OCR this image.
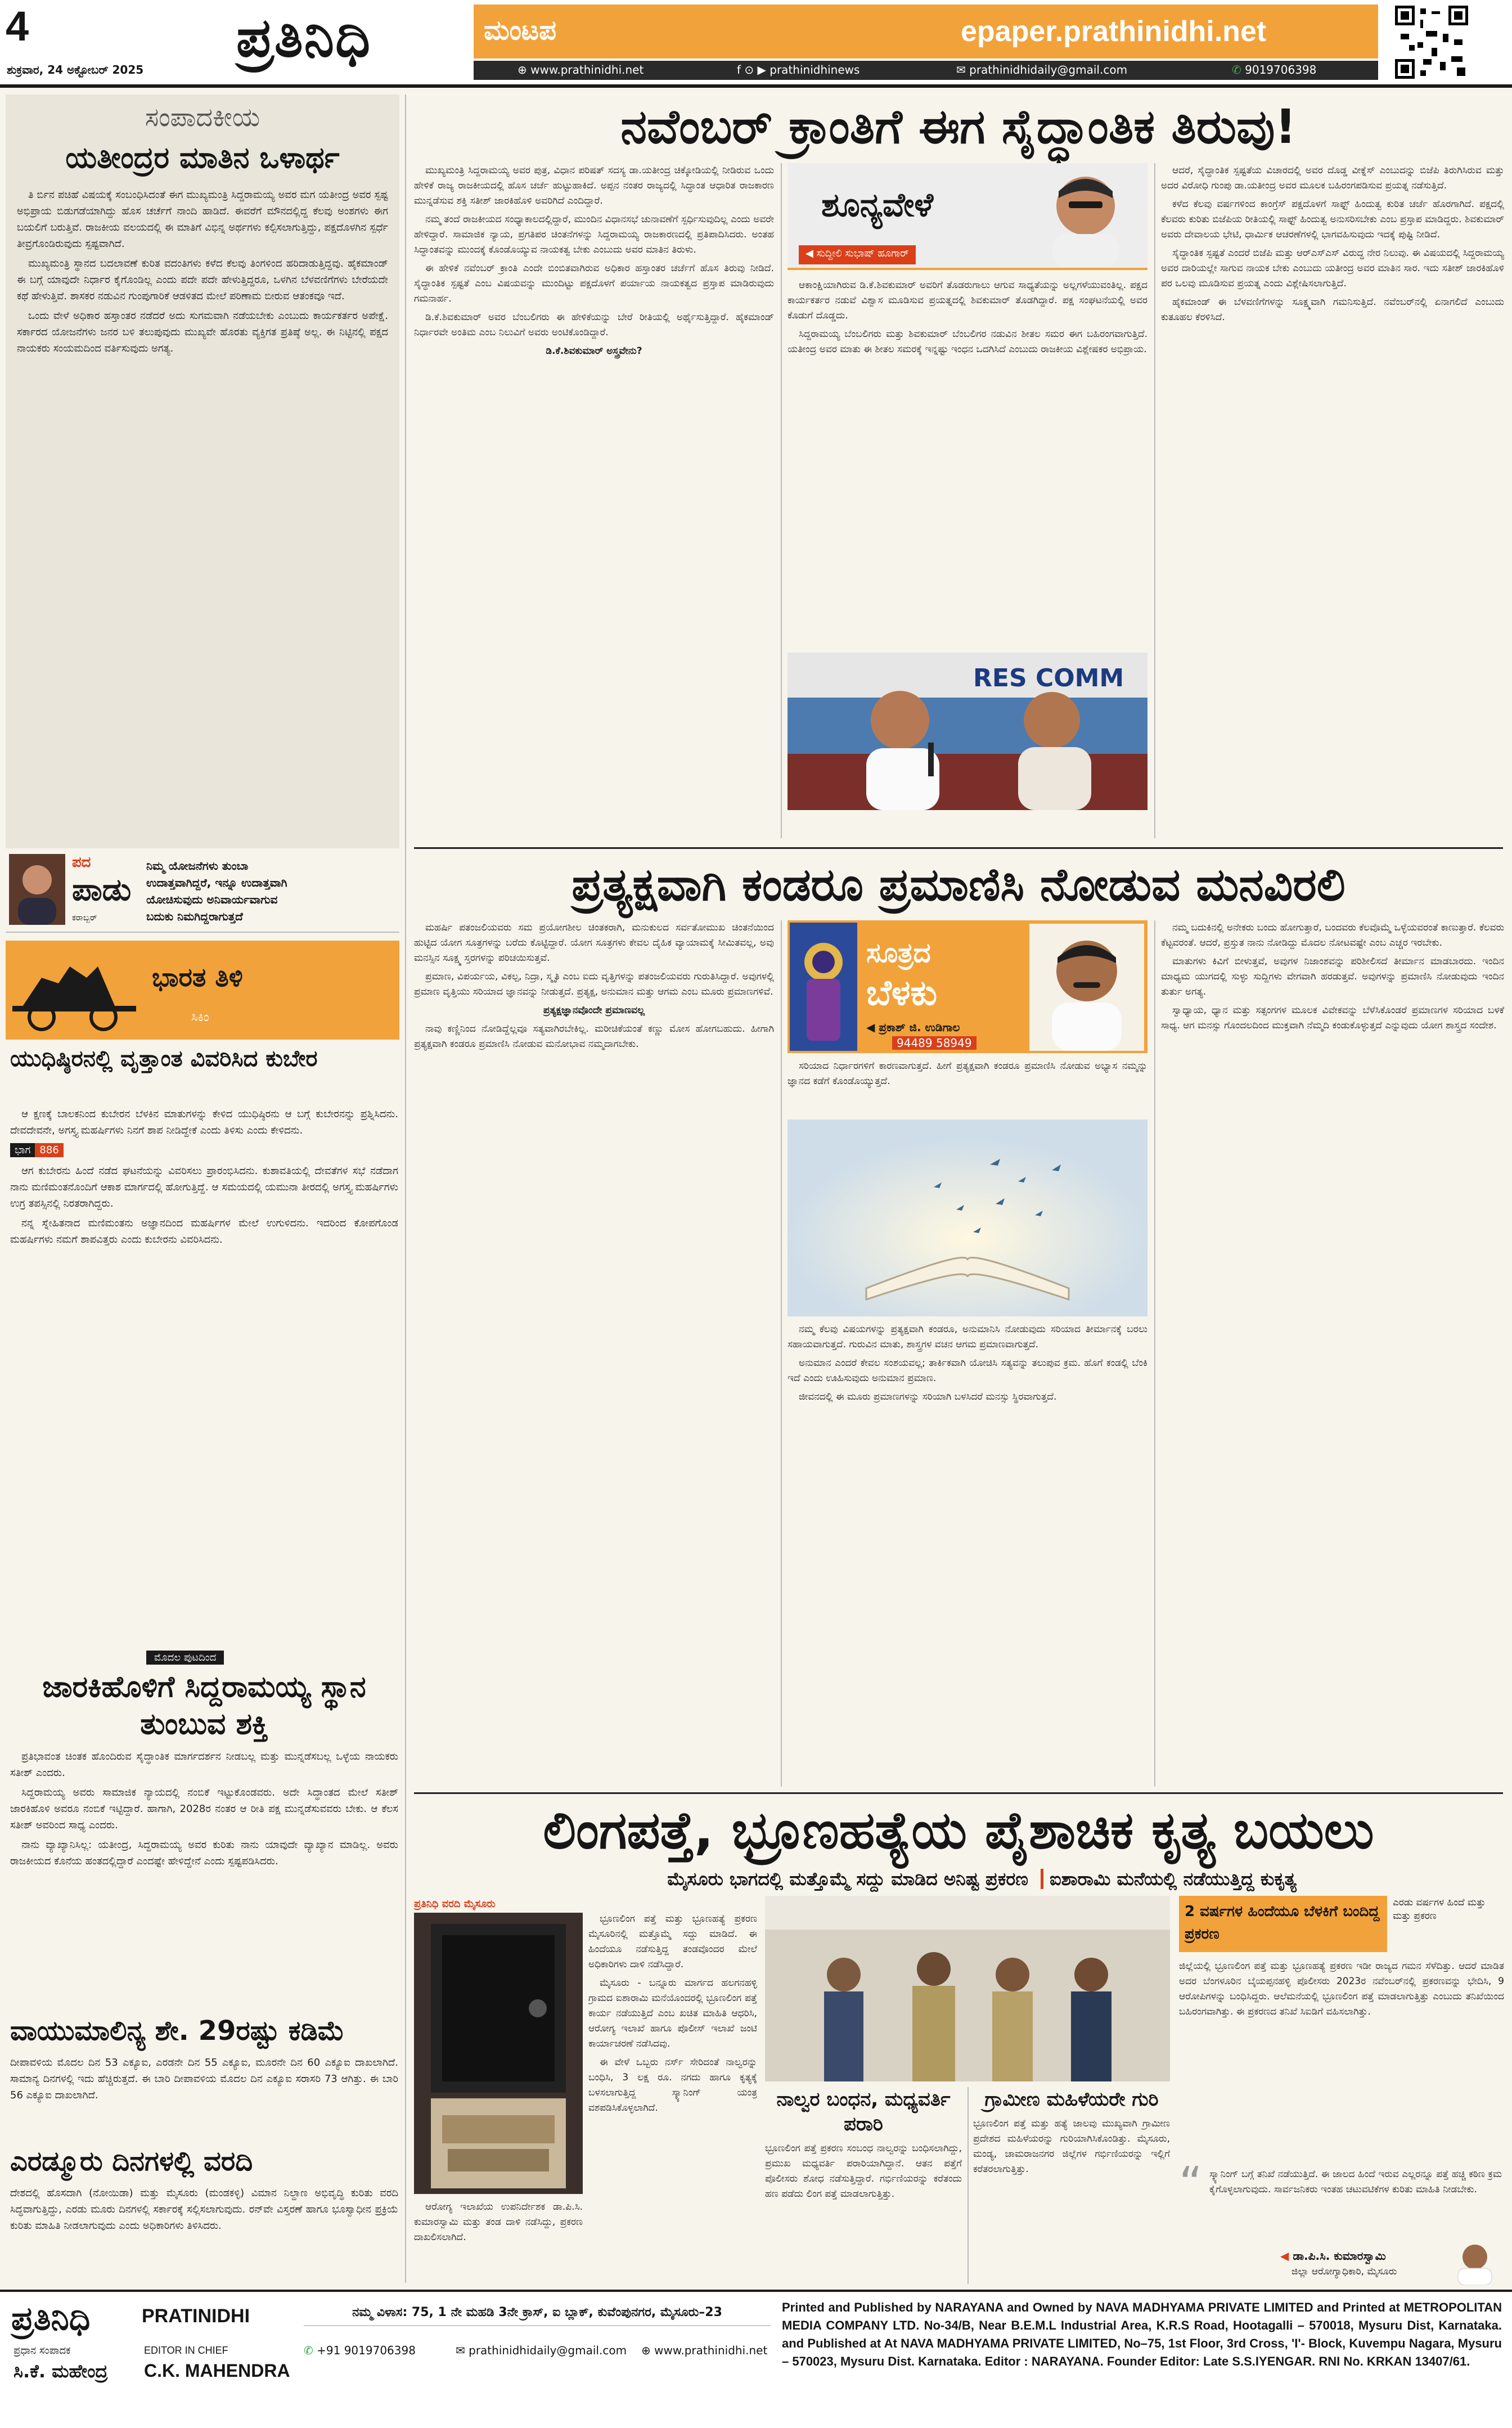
4
ಶುಕ್ರವಾರ, 24 ಅಕ್ಟೋಬರ್ 2025
ಪ್ರತಿನಿಧಿ	ಮಂಟಪ	epaper.prathinidhi.net
⊕ www.prathinidhi.net	f ⊙ ▶ prathinidhinews	✉ prathinidhidaily@gmail.com	✆ 9019706398
ಸಂಪಾದಕೀಯ
ಯತೀಂದ್ರರ ಮಾತಿನ ಒಳಾರ್ಥ

ತಿ ರ್ಬಿನ ಪಚಿಹೆ ವಿಷಯಕ್ಕೆ ಸಂಬಂಧಿಸಿದಂತೆ ಈಗ ಮುಖ್ಯಮಂತ್ರಿ ಸಿದ್ದರಾಮಯ್ಯ ಅವರ ಮಗ ಯತೀಂದ್ರ ಅವರ ಸ್ಪಷ್ಟ ಅಭಿಪ್ರಾಯ ಬಿಡುಗಡೆಯಾಗಿದ್ದು ಹೊಸ ಚರ್ಚೆಗೆ ನಾಂದಿ ಹಾಡಿದೆ. ಈವರೆಗೆ ಮೌನದಲ್ಲಿದ್ದ ಕೆಲವು ಅಂಶಗಳು ಈಗ ಬಯಲಿಗೆ ಬರುತ್ತಿವೆ. ರಾಜಕೀಯ ವಲಯದಲ್ಲಿ ಈ ಮಾತಿಗೆ ವಿಭಿನ್ನ ಅರ್ಥಗಳು ಕಲ್ಪಿಸಲಾಗುತ್ತಿದ್ದು, ಪಕ್ಷದೊಳಗಿನ ಸ್ಪರ್ಧೆ ತೀವ್ರಗೊಂಡಿರುವುದು ಸ್ಪಷ್ಟವಾಗಿದೆ.

ಮುಖ್ಯಮಂತ್ರಿ ಸ್ಥಾನದ ಬದಲಾವಣೆ ಕುರಿತ ವದಂತಿಗಳು ಕಳೆದ ಕೆಲವು ತಿಂಗಳಿಂದ ಹರಿದಾಡುತ್ತಿದ್ದವು. ಹೈಕಮಾಂಡ್ ಈ ಬಗ್ಗೆ ಯಾವುದೇ ನಿರ್ಧಾರ ಕೈಗೊಂಡಿಲ್ಲ ಎಂದು ಪದೇ ಪದೇ ಹೇಳುತ್ತಿದ್ದರೂ, ಒಳಗಿನ ಬೆಳವಣಿಗೆಗಳು ಬೇರೆಯದೇ ಕಥೆ ಹೇಳುತ್ತಿವೆ. ಶಾಸಕರ ನಡುವಿನ ಗುಂಪುಗಾರಿಕೆ ಆಡಳಿತದ ಮೇಲೆ ಪರಿಣಾಮ ಬೀರುವ ಆತಂಕವೂ ಇದೆ.

ಒಂದು ವೇಳೆ ಅಧಿಕಾರ ಹಸ್ತಾಂತರ ನಡೆದರೆ ಅದು ಸುಗಮವಾಗಿ ನಡೆಯಬೇಕು ಎಂಬುದು ಕಾರ್ಯಕರ್ತರ ಅಪೇಕ್ಷೆ. ಸರ್ಕಾರದ ಯೋಜನೆಗಳು ಜನರ ಬಳಿ ತಲುಪುವುದು ಮುಖ್ಯವೇ ಹೊರತು ವ್ಯಕ್ತಿಗತ ಪ್ರತಿಷ್ಠೆ ಅಲ್ಲ. ಈ ನಿಟ್ಟಿನಲ್ಲಿ ಪಕ್ಷದ ನಾಯಕರು ಸಂಯಮದಿಂದ ವರ್ತಿಸುವುದು ಅಗತ್ಯ.

ಪದ
ಪಾಡು
ಕರಾಬ್ಬರ್
ನಿಮ್ಮ ಯೋಜನೆಗಳು ತುಂಬಾ
ಉದಾತ್ತವಾಗಿದ್ದರೆ, ಇನ್ನೂ ಉದಾತ್ತವಾಗಿ
ಯೋಚಿಸುವುದು ಅನಿವಾರ್ಯವಾಗುವ
ಬದುಕು ನಿಮಗಿದ್ದರಾಗುತ್ತದೆ
ಭಾರತ ತಿಳಿ
ಸಿಕಿಂ
ಯುಧಿಷ್ಠಿರನಲ್ಲಿ ವೃತ್ತಾಂತ ವಿವರಿಸಿದ ಕುಬೇರ

ಆ ಕ್ಷಣಕ್ಕೆ ಬಾಲಕನಿಂದ ಕುಬೇರನ ಬೆಳಕಿನ ಮಾತುಗಳನ್ನು ಕೇಳಿದ ಯುಧಿಷ್ಠಿರನು ಆ ಬಗ್ಗೆ ಕುಬೇರನನ್ನು ಪ್ರಶ್ನಿಸಿದನು. ದೇವದೇವನೇ, ಅಗಸ್ತ್ಯ ಮಹರ್ಷಿಗಳು ನಿನಗೆ ಶಾಪ ನೀಡಿದ್ದೇಕೆ ಎಂದು ತಿಳಿಸು ಎಂದು ಕೇಳಿದನು.

ಭಾಗ 886

ಆಗ ಕುಬೇರನು ಹಿಂದೆ ನಡೆದ ಘಟನೆಯನ್ನು ವಿವರಿಸಲು ಪ್ರಾರಂಭಿಸಿದನು. ಕುಶಾವತಿಯಲ್ಲಿ ದೇವತೆಗಳ ಸಭೆ ನಡೆದಾಗ ನಾನು ಮಣಿಮಂತನೊಂದಿಗೆ ಆಕಾಶ ಮಾರ್ಗದಲ್ಲಿ ಹೋಗುತ್ತಿದ್ದೆ. ಆ ಸಮಯದಲ್ಲಿ ಯಮುನಾ ತೀರದಲ್ಲಿ ಅಗಸ್ತ್ಯ ಮಹರ್ಷಿಗಳು ಉಗ್ರ ತಪಸ್ಸಿನಲ್ಲಿ ನಿರತರಾಗಿದ್ದರು.

ನನ್ನ ಸ್ನೇಹಿತನಾದ ಮಣಿಮಂತನು ಅಜ್ಞಾನದಿಂದ ಮಹರ್ಷಿಗಳ ಮೇಲೆ ಉಗುಳಿದನು. ಇದರಿಂದ ಕೋಪಗೊಂಡ ಮಹರ್ಷಿಗಳು ನಮಗೆ ಶಾಪವಿತ್ತರು ಎಂದು ಕುಬೇರನು ವಿವರಿಸಿದನು.

ಮೊದಲ ಪುಟದಿಂದ
ಜಾರಕಿಹೊಳಿಗೆ ಸಿದ್ದರಾಮಯ್ಯ ಸ್ಥಾನ ತುಂಬುವ ಶಕ್ತಿ

ಪ್ರತಿಭಾವಂತ ಚಿಂತಕ ಹೊಂದಿರುವ ಸೈದ್ಧಾಂತಿಕ ಮಾರ್ಗದರ್ಶನ ನೀಡಬಲ್ಲ ಮತ್ತು ಮುನ್ನಡೆಸಬಲ್ಲ ಒಳ್ಳೆಯ ನಾಯಕರು ಸತೀಶ್ ಎಂದರು.

ಸಿದ್ದರಾಮಯ್ಯ ಅವರು ಸಾಮಾಜಿಕ ನ್ಯಾಯದಲ್ಲಿ ನಂಬಿಕೆ ಇಟ್ಟುಕೊಂಡವರು. ಅದೇ ಸಿದ್ಧಾಂತದ ಮೇಲೆ ಸತೀಶ್ ಜಾರಕಿಹೊಳಿ ಅವರೂ ನಂಬಿಕೆ ಇಟ್ಟಿದ್ದಾರೆ. ಹಾಗಾಗಿ, 2028ರ ನಂತರ ಆ ರೀತಿ ಪಕ್ಷ ಮುನ್ನಡೆಸುವವರು ಬೇಕು. ಆ ಕೆಲಸ ಸತೀಶ್ ಅವರಿಂದ ಸಾಧ್ಯ ಎಂದರು.

ನಾನು ವ್ಯಾಖ್ಯಾನಿಸಿಲ್ಲ: ಯತೀಂದ್ರ, ಸಿದ್ದರಾಮಯ್ಯ ಅವರ ಕುರಿತು ನಾನು ಯಾವುದೇ ವ್ಯಾಖ್ಯಾನ ಮಾಡಿಲ್ಲ. ಅವರು ರಾಜಕೀಯದ ಕೊನೆಯ ಹಂತದಲ್ಲಿದ್ದಾರೆ ಎಂದಷ್ಟೇ ಹೇಳಿದ್ದೇನೆ ಎಂದು ಸ್ಪಷ್ಟಪಡಿಸಿದರು.

ವಾಯುಮಾಲಿನ್ಯ ಶೇ. 29ರಷ್ಟು ಕಡಿಮೆ
ದೀಪಾವಳಿಯ ಮೊದಲ ದಿನ 53 ಎಕ್ಯೂಐ, ಎರಡನೇ ದಿನ 55 ಎಕ್ಯೂಐ, ಮೂರನೇ ದಿನ 60 ಎಕ್ಯೂಐ ದಾಖಲಾಗಿದೆ. ಸಾಮಾನ್ಯ ದಿನಗಳಲ್ಲಿ ಇದು ಹೆಚ್ಚಿರುತ್ತದೆ. ಈ ಬಾರಿ ದೀಪಾವಳಿಯ ಮೊದಲ ದಿನ ಎಕ್ಯೂಐ ಸರಾಸರಿ 73 ಆಗಿತ್ತು. ಈ ಬಾರಿ 56 ಎಕ್ಯೂಐ ದಾಖಲಾಗಿದೆ.
ಎರಡ್ಮೂರು ದಿನಗಳಲ್ಲಿ ವರದಿ
ದೇಶದಲ್ಲಿ ಹೊಸದಾಗಿ (ನೋಯಿಡಾ) ಮತ್ತು ಮೈಸೂರು (ಮಂಡಕಳ್ಳಿ) ವಿಮಾನ ನಿಲ್ದಾಣ ಅಭಿವೃದ್ಧಿ ಕುರಿತು ವರದಿ ಸಿದ್ಧವಾಗುತ್ತಿದ್ದು, ಎರಡು ಮೂರು ದಿನಗಳಲ್ಲಿ ಸರ್ಕಾರಕ್ಕೆ ಸಲ್ಲಿಸಲಾಗುವುದು. ರನ್‌ವೇ ವಿಸ್ತರಣೆ ಹಾಗೂ ಭೂಸ್ವಾಧೀನ ಪ್ರಕ್ರಿಯೆ ಕುರಿತು ಮಾಹಿತಿ ನೀಡಲಾಗುವುದು ಎಂದು ಅಧಿಕಾರಿಗಳು ತಿಳಿಸಿದರು.
ನವೆಂಬರ್ ಕ್ರಾಂತಿಗೆ ಈಗ ಸೈದ್ಧಾಂತಿಕ ತಿರುವು!

ಮುಖ್ಯಮಂತ್ರಿ ಸಿದ್ದರಾಮಯ್ಯ ಅವರ ಪುತ್ರ, ವಿಧಾನ ಪರಿಷತ್ ಸದಸ್ಯ ಡಾ.ಯತೀಂದ್ರ ಚಿಕ್ಕೋಡಿಯಲ್ಲಿ ನೀಡಿರುವ ಒಂದು ಹೇಳಿಕೆ ರಾಜ್ಯ ರಾಜಕೀಯದಲ್ಲಿ ಹೊಸ ಚರ್ಚೆ ಹುಟ್ಟುಹಾಕಿದೆ. ಅಪ್ಪನ ನಂತರ ರಾಜ್ಯದಲ್ಲಿ ಸಿದ್ಧಾಂತ ಆಧಾರಿತ ರಾಜಕಾರಣ ಮುನ್ನಡೆಸುವ ಶಕ್ತಿ ಸತೀಶ್ ಜಾರಕಿಹೊಳಿ ಅವರಿಗಿದೆ ಎಂದಿದ್ದಾರೆ.

ನಮ್ಮ ತಂದೆ ರಾಜಕೀಯದ ಸಂಧ್ಯಾಕಾಲದಲ್ಲಿದ್ದಾರೆ, ಮುಂದಿನ ವಿಧಾನಸಭೆ ಚುನಾವಣೆಗೆ ಸ್ಪರ್ಧಿಸುವುದಿಲ್ಲ ಎಂದು ಅವರೇ ಹೇಳಿದ್ದಾರೆ. ಸಾಮಾಜಿಕ ನ್ಯಾಯ, ಪ್ರಗತಿಪರ ಚಿಂತನೆಗಳನ್ನು ಸಿದ್ದರಾಮಯ್ಯ ರಾಜಕಾರಣದಲ್ಲಿ ಪ್ರತಿಪಾದಿಸಿದರು. ಅಂತಹ ಸಿದ್ಧಾಂತವನ್ನು ಮುಂದಕ್ಕೆ ಕೊಂಡೊಯ್ಯುವ ನಾಯಕತ್ವ ಬೇಕು ಎಂಬುದು ಅವರ ಮಾತಿನ ತಿರುಳು.

ಈ ಹೇಳಿಕೆ ನವೆಂಬರ್ ಕ್ರಾಂತಿ ಎಂದೇ ಬಿಂಬಿತವಾಗಿರುವ ಅಧಿಕಾರ ಹಸ್ತಾಂತರ ಚರ್ಚೆಗೆ ಹೊಸ ತಿರುವು ನೀಡಿದೆ. ಸೈದ್ಧಾಂತಿಕ ಸ್ಪಷ್ಟತೆ ಎಂಬ ವಿಷಯವನ್ನು ಮುಂದಿಟ್ಟು ಪಕ್ಷದೊಳಗೆ ಪರ್ಯಾಯ ನಾಯಕತ್ವದ ಪ್ರಸ್ತಾಪ ಮಾಡಿರುವುದು ಗಮನಾರ್ಹ.

ಡಿ.ಕೆ.ಶಿವಕುಮಾರ್ ಅವರ ಬೆಂಬಲಿಗರು ಈ ಹೇಳಿಕೆಯನ್ನು ಬೇರೆ ರೀತಿಯಲ್ಲಿ ಅರ್ಥೈಸುತ್ತಿದ್ದಾರೆ. ಹೈಕಮಾಂಡ್ ನಿರ್ಧಾರವೇ ಅಂತಿಮ ಎಂಬ ನಿಲುವಿಗೆ ಅವರು ಅಂಟಿಕೊಂಡಿದ್ದಾರೆ.

ಡಿ.ಕೆ.ಶಿವಕುಮಾರ್ ಅಸ್ತ್ರವೇನು?
ಶೂನ್ಯವೇಳೆ
◀ ಸುದ್ದೀಲಿ ಸುಭಾಷ್ ಹೂಗಾರ್

ಆಕಾಂಕ್ಷಿಯಾಗಿರುವ ಡಿ.ಕೆ.ಶಿವಕುಮಾರ್ ಅವರಿಗೆ ತೊಡರುಗಾಲು ಆಗುವ ಸಾಧ್ಯತೆಯನ್ನು ಅಲ್ಲಗಳೆಯುವಂತಿಲ್ಲ. ಪಕ್ಷದ ಕಾರ್ಯಕರ್ತರ ನಡುವೆ ವಿಶ್ವಾಸ ಮೂಡಿಸುವ ಪ್ರಯತ್ನದಲ್ಲಿ ಶಿವಕುಮಾರ್ ತೊಡಗಿದ್ದಾರೆ. ಪಕ್ಷ ಸಂಘಟನೆಯಲ್ಲಿ ಅವರ ಕೊಡುಗೆ ದೊಡ್ಡದು.

ಸಿದ್ದರಾಮಯ್ಯ ಬೆಂಬಲಿಗರು ಮತ್ತು ಶಿವಕುಮಾರ್ ಬೆಂಬಲಿಗರ ನಡುವಿನ ಶೀತಲ ಸಮರ ಈಗ ಬಹಿರಂಗವಾಗುತ್ತಿದೆ. ಯತೀಂದ್ರ ಅವರ ಮಾತು ಈ ಶೀತಲ ಸಮರಕ್ಕೆ ಇನ್ನಷ್ಟು ಇಂಧನ ಒದಗಿಸಿದೆ ಎಂಬುದು ರಾಜಕೀಯ ವಿಶ್ಲೇಷಕರ ಅಭಿಪ್ರಾಯ.

RES COMM

ಆದರೆ, ಸೈದ್ಧಾಂತಿಕ ಸ್ಪಷ್ಟತೆಯ ವಿಚಾರದಲ್ಲಿ ಅವರ ದೊಡ್ಡ ವೀಕ್ನೆಸ್ ಎಂಬುದನ್ನು ಬಿಜೆಪಿ ತಿರುಗಿಸಿರುವ ಮತ್ತು ಅದರ ವಿರೋಧಿ ಗುಂಪು ಡಾ.ಯತೀಂದ್ರ ಅವರ ಮೂಲಕ ಬಹಿರಂಗಪಡಿಸುವ ಪ್ರಯತ್ನ ನಡೆಸುತ್ತಿದೆ.

ಕಳೆದ ಕೆಲವು ವರ್ಷಗಳಿಂದ ಕಾಂಗ್ರೆಸ್ ಪಕ್ಷದೊಳಗೆ ಸಾಫ್ಟ್ ಹಿಂದುತ್ವ ಕುರಿತ ಚರ್ಚೆ ಹೊರಗಾಗಿದೆ. ಪಕ್ಷದಲ್ಲಿ ಕೆಲವರು ಕುರಿತು ಬಿಜೆಪಿಯ ರೀತಿಯಲ್ಲಿ ಸಾಫ್ಟ್ ಹಿಂದುತ್ವ ಅನುಸರಿಸಬೇಕು ಎಂಬ ಪ್ರಸ್ತಾಪ ಮಾಡಿದ್ದರು. ಶಿವಕುಮಾರ್ ಅವರು ದೇವಾಲಯ ಭೇಟಿ, ಧಾರ್ಮಿಕ ಆಚರಣೆಗಳಲ್ಲಿ ಭಾಗವಹಿಸುವುದು ಇದಕ್ಕೆ ಪುಷ್ಟಿ ನೀಡಿದೆ.

ಸೈದ್ಧಾಂತಿಕ ಸ್ಪಷ್ಟತೆ ಎಂದರೆ ಬಿಜೆಪಿ ಮತ್ತು ಆರ್‌ಎಸ್‌ಎಸ್ ವಿರುದ್ಧ ನೇರ ನಿಲುವು. ಈ ವಿಷಯದಲ್ಲಿ ಸಿದ್ದರಾಮಯ್ಯ ಅವರ ದಾರಿಯಲ್ಲೇ ಸಾಗುವ ನಾಯಕ ಬೇಕು ಎಂಬುದು ಯತೀಂದ್ರ ಅವರ ಮಾತಿನ ಸಾರ. ಇದು ಸತೀಶ್ ಜಾರಕಿಹೊಳಿ ಪರ ಒಲವು ಮೂಡಿಸುವ ಪ್ರಯತ್ನ ಎಂದು ವಿಶ್ಲೇಷಿಸಲಾಗುತ್ತಿದೆ.

ಹೈಕಮಾಂಡ್ ಈ ಬೆಳವಣಿಗೆಗಳನ್ನು ಸೂಕ್ಷ್ಮವಾಗಿ ಗಮನಿಸುತ್ತಿದೆ. ನವೆಂಬರ್‌ನಲ್ಲಿ ಏನಾಗಲಿದೆ ಎಂಬುದು ಕುತೂಹಲ ಕೆರಳಿಸಿದೆ.

ಪ್ರತ್ಯಕ್ಷವಾಗಿ ಕಂಡರೂ ಪ್ರಮಾಣಿಸಿ ನೋಡುವ ಮನವಿರಲಿ

ಮಹರ್ಷಿ ಪತಂಜಲಿಯವರು ಸಮ ಪ್ರಯೋಗಶೀಲ ಚಿಂತಕರಾಗಿ, ಮನುಕುಲದ ಸರ್ವತೋಮುಖ ಚಿಂತನೆಯಿಂದ ಹುಟ್ಟಿದ ಯೋಗ ಸೂತ್ರಗಳನ್ನು ಬರೆದು ಕೊಟ್ಟಿದ್ದಾರೆ. ಯೋಗ ಸೂತ್ರಗಳು ಕೇವಲ ದೈಹಿಕ ವ್ಯಾಯಾಮಕ್ಕೆ ಸೀಮಿತವಲ್ಲ, ಅವು ಮನಸ್ಸಿನ ಸೂಕ್ಷ್ಮ ಸ್ತರಗಳನ್ನು ಪರಿಚಯಿಸುತ್ತವೆ.

ಪ್ರಮಾಣ, ವಿಪರ್ಯಯ, ವಿಕಲ್ಪ, ನಿದ್ರಾ, ಸ್ಮೃತಿ ಎಂಬ ಐದು ವೃತ್ತಿಗಳನ್ನು ಪತಂಜಲಿಯವರು ಗುರುತಿಸಿದ್ದಾರೆ. ಅವುಗಳಲ್ಲಿ ಪ್ರಮಾಣ ವೃತ್ತಿಯು ಸರಿಯಾದ ಜ್ಞಾನವನ್ನು ನೀಡುತ್ತದೆ. ಪ್ರತ್ಯಕ್ಷ, ಅನುಮಾನ ಮತ್ತು ಆಗಮ ಎಂಬ ಮೂರು ಪ್ರಮಾಣಗಳಿವೆ.

ಪ್ರತ್ಯಕ್ಷಜ್ಞಾನವೊಂದೇ ಪ್ರಮಾಣವಲ್ಲ

ನಾವು ಕಣ್ಣಿನಿಂದ ನೋಡಿದ್ದೆಲ್ಲವೂ ಸತ್ಯವಾಗಿರಬೇಕಿಲ್ಲ. ಮರೀಚಿಕೆಯಂತೆ ಕಣ್ಣು ಮೋಸ ಹೋಗಬಹುದು. ಹೀಗಾಗಿ ಪ್ರತ್ಯಕ್ಷವಾಗಿ ಕಂಡರೂ ಪ್ರಮಾಣಿಸಿ ನೋಡುವ ಮನೋಭಾವ ನಮ್ಮದಾಗಬೇಕು.

ಸೂತ್ರದ
ಬೆಳಕು
◀ ಪ್ರಕಾಶ್ ಜಿ. ಉಡಿಗಾಲ
94489 58949

ಸರಿಯಾದ ನಿರ್ಧಾರಗಳಿಗೆ ಕಾರಣವಾಗುತ್ತದೆ. ಹೀಗೆ ಪ್ರತ್ಯಕ್ಷವಾಗಿ ಕಂಡರೂ ಪ್ರಮಾಣಿಸಿ ನೋಡುವ ಅಭ್ಯಾಸ ನಮ್ಮನ್ನು ಜ್ಞಾನದ ಕಡೆಗೆ ಕೊಂಡೊಯ್ಯುತ್ತದೆ.

ನಮ್ಮ ಕೆಲವು ವಿಷಯಗಳನ್ನು ಪ್ರತ್ಯಕ್ಷವಾಗಿ ಕಂಡರೂ, ಅನುಮಾನಿಸಿ ನೋಡುವುದು ಸರಿಯಾದ ತೀರ್ಮಾನಕ್ಕೆ ಬರಲು ಸಹಾಯವಾಗುತ್ತದೆ. ಗುರುವಿನ ಮಾತು, ಶಾಸ್ತ್ರಗಳ ವಚನ ಆಗಮ ಪ್ರಮಾಣವಾಗುತ್ತದೆ.

ಅನುಮಾನ ಎಂದರೆ ಕೇವಲ ಸಂಶಯವಲ್ಲ; ತಾರ್ಕಿಕವಾಗಿ ಯೋಚಿಸಿ ಸತ್ಯವನ್ನು ತಲುಪುವ ಕ್ರಮ. ಹೊಗೆ ಕಂಡಲ್ಲಿ ಬೆಂಕಿ ಇದೆ ಎಂದು ಊಹಿಸುವುದು ಅನುಮಾನ ಪ್ರಮಾಣ.

ಜೀವನದಲ್ಲಿ ಈ ಮೂರು ಪ್ರಮಾಣಗಳನ್ನು ಸರಿಯಾಗಿ ಬಳಸಿದರೆ ಮನಸ್ಸು ಸ್ಥಿರವಾಗುತ್ತದೆ.

ನಮ್ಮ ಬದುಕಿನಲ್ಲಿ ಅನೇಕರು ಬಂದು ಹೋಗುತ್ತಾರೆ, ಬಂದವರು ಕೆಲವೊಮ್ಮೆ ಒಳ್ಳೆಯವರಂತೆ ಕಾಣುತ್ತಾರೆ. ಕೆಲವರು ಕೆಟ್ಟವರಂತೆ. ಆದರೆ, ಪ್ರಸ್ತುತ ನಾನು ನೋಡಿದ್ದು ಮೊದಲ ನೋಟವಷ್ಟೇ ಎಂಬ ಎಚ್ಚರ ಇರಬೇಕು.

ಮಾತುಗಳು ಕಿವಿಗೆ ಬೀಳುತ್ತವೆ, ಅವುಗಳ ನಿಜಾಂಶವನ್ನು ಪರಿಶೀಲಿಸದೆ ತೀರ್ಮಾನ ಮಾಡಬಾರದು. ಇಂದಿನ ಮಾಧ್ಯಮ ಯುಗದಲ್ಲಿ ಸುಳ್ಳು ಸುದ್ದಿಗಳು ವೇಗವಾಗಿ ಹರಡುತ್ತವೆ. ಅವುಗಳನ್ನು ಪ್ರಮಾಣಿಸಿ ನೋಡುವುದು ಇಂದಿನ ತುರ್ತು ಅಗತ್ಯ.

ಸ್ವಾಧ್ಯಾಯ, ಧ್ಯಾನ ಮತ್ತು ಸತ್ಸಂಗಗಳ ಮೂಲಕ ವಿವೇಕವನ್ನು ಬೆಳೆಸಿಕೊಂಡರೆ ಪ್ರಮಾಣಗಳ ಸರಿಯಾದ ಬಳಕೆ ಸಾಧ್ಯ. ಆಗ ಮನಸ್ಸು ಗೊಂದಲದಿಂದ ಮುಕ್ತವಾಗಿ ನೆಮ್ಮದಿ ಕಂಡುಕೊಳ್ಳುತ್ತದೆ ಎನ್ನುವುದು ಯೋಗ ಶಾಸ್ತ್ರದ ಸಂದೇಶ.

ಲಿಂಗಪತ್ತೆ, ಭ್ರೂಣಹತ್ಯೆಯ ಪೈಶಾಚಿಕ ಕೃತ್ಯ ಬಯಲು
ಮೈಸೂರು ಭಾಗದಲ್ಲಿ ಮತ್ತೊಮ್ಮೆ ಸದ್ದು ಮಾಡಿದ ಅನಿಷ್ಟ ಪ್ರಕರಣ ಐಶಾರಾಮಿ ಮನೆಯಲ್ಲಿ ನಡೆಯುತ್ತಿದ್ದ ಕುಕೃತ್ಯ
ಪ್ರತಿನಿಧಿ ವರದಿ ಮೈಸೂರು

ಭ್ರೂಣಲಿಂಗ ಪತ್ತೆ ಮತ್ತು ಭ್ರೂಣಹತ್ಯೆ ಪ್ರಕರಣ ಮೈಸೂರಿನಲ್ಲಿ ಮತ್ತೊಮ್ಮೆ ಸದ್ದು ಮಾಡಿದೆ. ಈ ಹಿಂದೆಯೂ ನಡೆಸುತ್ತಿದ್ದ ತಂಡವೊಂದರ ಮೇಲೆ ಅಧಿಕಾರಿಗಳು ದಾಳಿ ನಡೆಸಿದ್ದಾರೆ.

ಮೈಸೂರು - ಬನ್ನೂರು ಮಾರ್ಗದ ಹಲಗನಹಳ್ಳಿ ಗ್ರಾಮದ ಐಶಾರಾಮಿ ಮನೆಯೊಂದರಲ್ಲಿ ಭ್ರೂಣಲಿಂಗ ಪತ್ತೆ ಕಾರ್ಯ ನಡೆಯುತ್ತಿದೆ ಎಂಬ ಖಚಿತ ಮಾಹಿತಿ ಆಧರಿಸಿ, ಆರೋಗ್ಯ ಇಲಾಖೆ ಹಾಗೂ ಪೊಲೀಸ್ ಇಲಾಖೆ ಜಂಟಿ ಕಾರ್ಯಾಚರಣೆ ನಡೆಸಿದವು.

ಈ ವೇಳೆ ಒಬ್ಬರು ನರ್ಸ್ ಸೇರಿದಂತೆ ನಾಲ್ವರನ್ನು ಬಂಧಿಸಿ, 3 ಲಕ್ಷ ರೂ. ನಗದು ಹಾಗೂ ಕೃತ್ಯಕ್ಕೆ ಬಳಸಲಾಗುತ್ತಿದ್ದ ಸ್ಕ್ಯಾನಿಂಗ್ ಯಂತ್ರ ವಶಪಡಿಸಿಕೊಳ್ಳಲಾಗಿದೆ.

ಆರೋಗ್ಯ ಇಲಾಖೆಯ ಉಪನಿರ್ದೇಶಕ ಡಾ.ಪಿ.ಸಿ. ಕುಮಾರಸ್ವಾಮಿ ಮತ್ತು ತಂಡ ದಾಳಿ ನಡೆಸಿದ್ದು, ಪ್ರಕರಣ ದಾಖಲಿಸಲಾಗಿದೆ.

ನಾಲ್ವರ ಬಂಧನ, ಮಧ್ಯವರ್ತಿ ಪರಾರಿ
ಭ್ರೂಣಲಿಂಗ ಪತ್ತೆ ಪ್ರಕರಣ ಸಂಬಂಧ ನಾಲ್ವರನ್ನು ಬಂಧಿಸಲಾಗಿದ್ದು, ಪ್ರಮುಖ ಮಧ್ಯವರ್ತಿ ಪರಾರಿಯಾಗಿದ್ದಾನೆ. ಆತನ ಪತ್ತೆಗೆ ಪೊಲೀಸರು ಶೋಧ ನಡೆಸುತ್ತಿದ್ದಾರೆ. ಗರ್ಭಿಣಿಯರನ್ನು ಕರೆತಂದು ಹಣ ಪಡೆದು ಲಿಂಗ ಪತ್ತೆ ಮಾಡಲಾಗುತ್ತಿತ್ತು.
ಗ್ರಾಮೀಣ ಮಹಿಳೆಯರೇ ಗುರಿ
ಭ್ರೂಣಲಿಂಗ ಪತ್ತೆ ಮತ್ತು ಹತ್ಯೆ ಜಾಲವು ಮುಖ್ಯವಾಗಿ ಗ್ರಾಮೀಣ ಪ್ರದೇಶದ ಮಹಿಳೆಯರನ್ನು ಗುರಿಯಾಗಿಸಿಕೊಂಡಿತ್ತು. ಮೈಸೂರು, ಮಂಡ್ಯ, ಚಾಮರಾಜನಗರ ಜಿಲ್ಲೆಗಳ ಗರ್ಭಿಣಿಯರನ್ನು ಇಲ್ಲಿಗೆ ಕರೆತರಲಾಗುತ್ತಿತ್ತು.
2 ವರ್ಷಗಳ ಹಿಂದೆಯೂ ಬೆಳಕಿಗೆ ಬಂದಿದ್ದ ಪ್ರಕರಣ
ಎರಡು ವರ್ಷಗಳ ಹಿಂದೆ ಮತ್ತು ಮತ್ತು ಪ್ರಕರಣ
ಜಿಲ್ಲೆಯಲ್ಲಿ ಭ್ರೂಣಲಿಂಗ ಪತ್ತೆ ಮತ್ತು ಭ್ರೂಣಹತ್ಯೆ ಪ್ರಕರಣ ಇಡೀ ರಾಜ್ಯದ ಗಮನ ಸೆಳೆದಿತ್ತು. ಆದರೆ ಮಾಡಿತ ಅದರ ಬೆಂಗಳೂರಿನ ಬೈಯಪ್ಪನಹಳ್ಳಿ ಪೊಲೀಸರು 2023ರ ನವೆಂಬರ್‌ನಲ್ಲಿ ಪ್ರಕರಣವನ್ನು ಭೇದಿಸಿ, 9 ಆರೋಪಿಗಳನ್ನು ಬಂಧಿಸಿದ್ದರು. ಆಲೆಮನೆಯಲ್ಲಿ ಭ್ರೂಣಲಿಂಗ ಪತ್ತೆ ಮಾಡಲಾಗುತ್ತಿತ್ತು ಎಂಬುದು ತನಿಖೆಯಿಂದ ಬಹಿರಂಗವಾಗಿತ್ತು. ಈ ಪ್ರಕರಣದ ತನಿಖೆ ಸಿಐಡಿಗೆ ವಹಿಸಲಾಗಿತ್ತು.
“ ಸ್ಕ್ಯಾನಿಂಗ್ ಬಗ್ಗೆ ತನಿಖೆ ನಡೆಯುತ್ತಿದೆ. ಈ ಜಾಲದ ಹಿಂದೆ ಇರುವ ಎಲ್ಲರನ್ನೂ ಪತ್ತೆ ಹಚ್ಚಿ ಕಠಿಣ ಕ್ರಮ ಕೈಗೊಳ್ಳಲಾಗುವುದು. ಸಾರ್ವಜನಿಕರು ಇಂತಹ ಚಟುವಟಿಕೆಗಳ ಕುರಿತು ಮಾಹಿತಿ ನೀಡಬೇಕು.
◀ ಡಾ.ಪಿ.ಸಿ. ಕುಮಾರಸ್ವಾಮಿ
ಜಿಲ್ಲಾ ಆರೋಗ್ಯಾಧಿಕಾರಿ, ಮೈಸೂರು
ಪ್ರತಿನಿಧಿ	PRATINIDHI
ಪ್ರಧಾನ ಸಂಪಾದಕ
ಸಿ.ಕೆ. ಮಹೇಂದ್ರ
EDITOR IN CHIEF
C.K. MAHENDRA
ನಮ್ಮ ವಿಳಾಸ: 75, 1 ನೇ ಮಹಡಿ 3ನೇ ಕ್ರಾಸ್, ಐ ಬ್ಲಾಕ್, ಕುವೆಂಪುನಗರ, ಮೈಸೂರು–23
✆ +91 9019706398	✉ prathinidhidaily@gmail.com ⊕ www.prathinidhi.net
Printed and Published by NARAYANA and Owned by NAVA MADHYAMA PRIVATE LIMITED and Printed at METROPOLITAN MEDIA COMPANY LTD. No-34/B, Near B.E.M.L Industrial Area, K.R.S Road, Hootagalli – 570018, Mysuru Dist, Karnataka. and Published at At NAVA MADHYAMA PRIVATE LIMITED, No–75, 1st Floor, 3rd Cross, 'I'- Block, Kuvempu Nagara, Mysuru – 570023, Mysuru Dist. Karnataka. Editor : NARAYANA. Founder Editor: Late S.S.IYENGAR. RNI No. KRKAN 13407/61.
